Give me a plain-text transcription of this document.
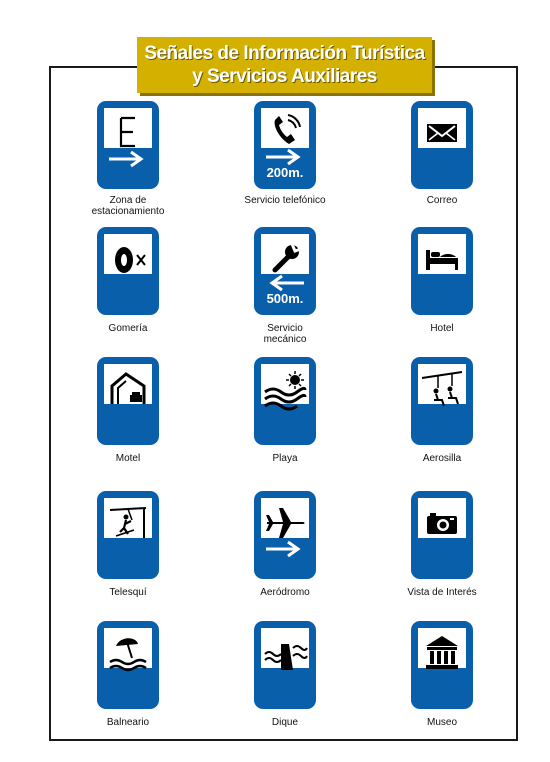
Señales de Información Turística
y Servicios Auxiliares
Zona de
estacionamiento
200m.
Servicio telefónico	Correo
Gomería
500m.
Servicio
mecánico
Hotel
Motel	Playa	Aerosilla
Telesquí	Aeródromo	Vista de Interés
Balneario	Dique	Museo
